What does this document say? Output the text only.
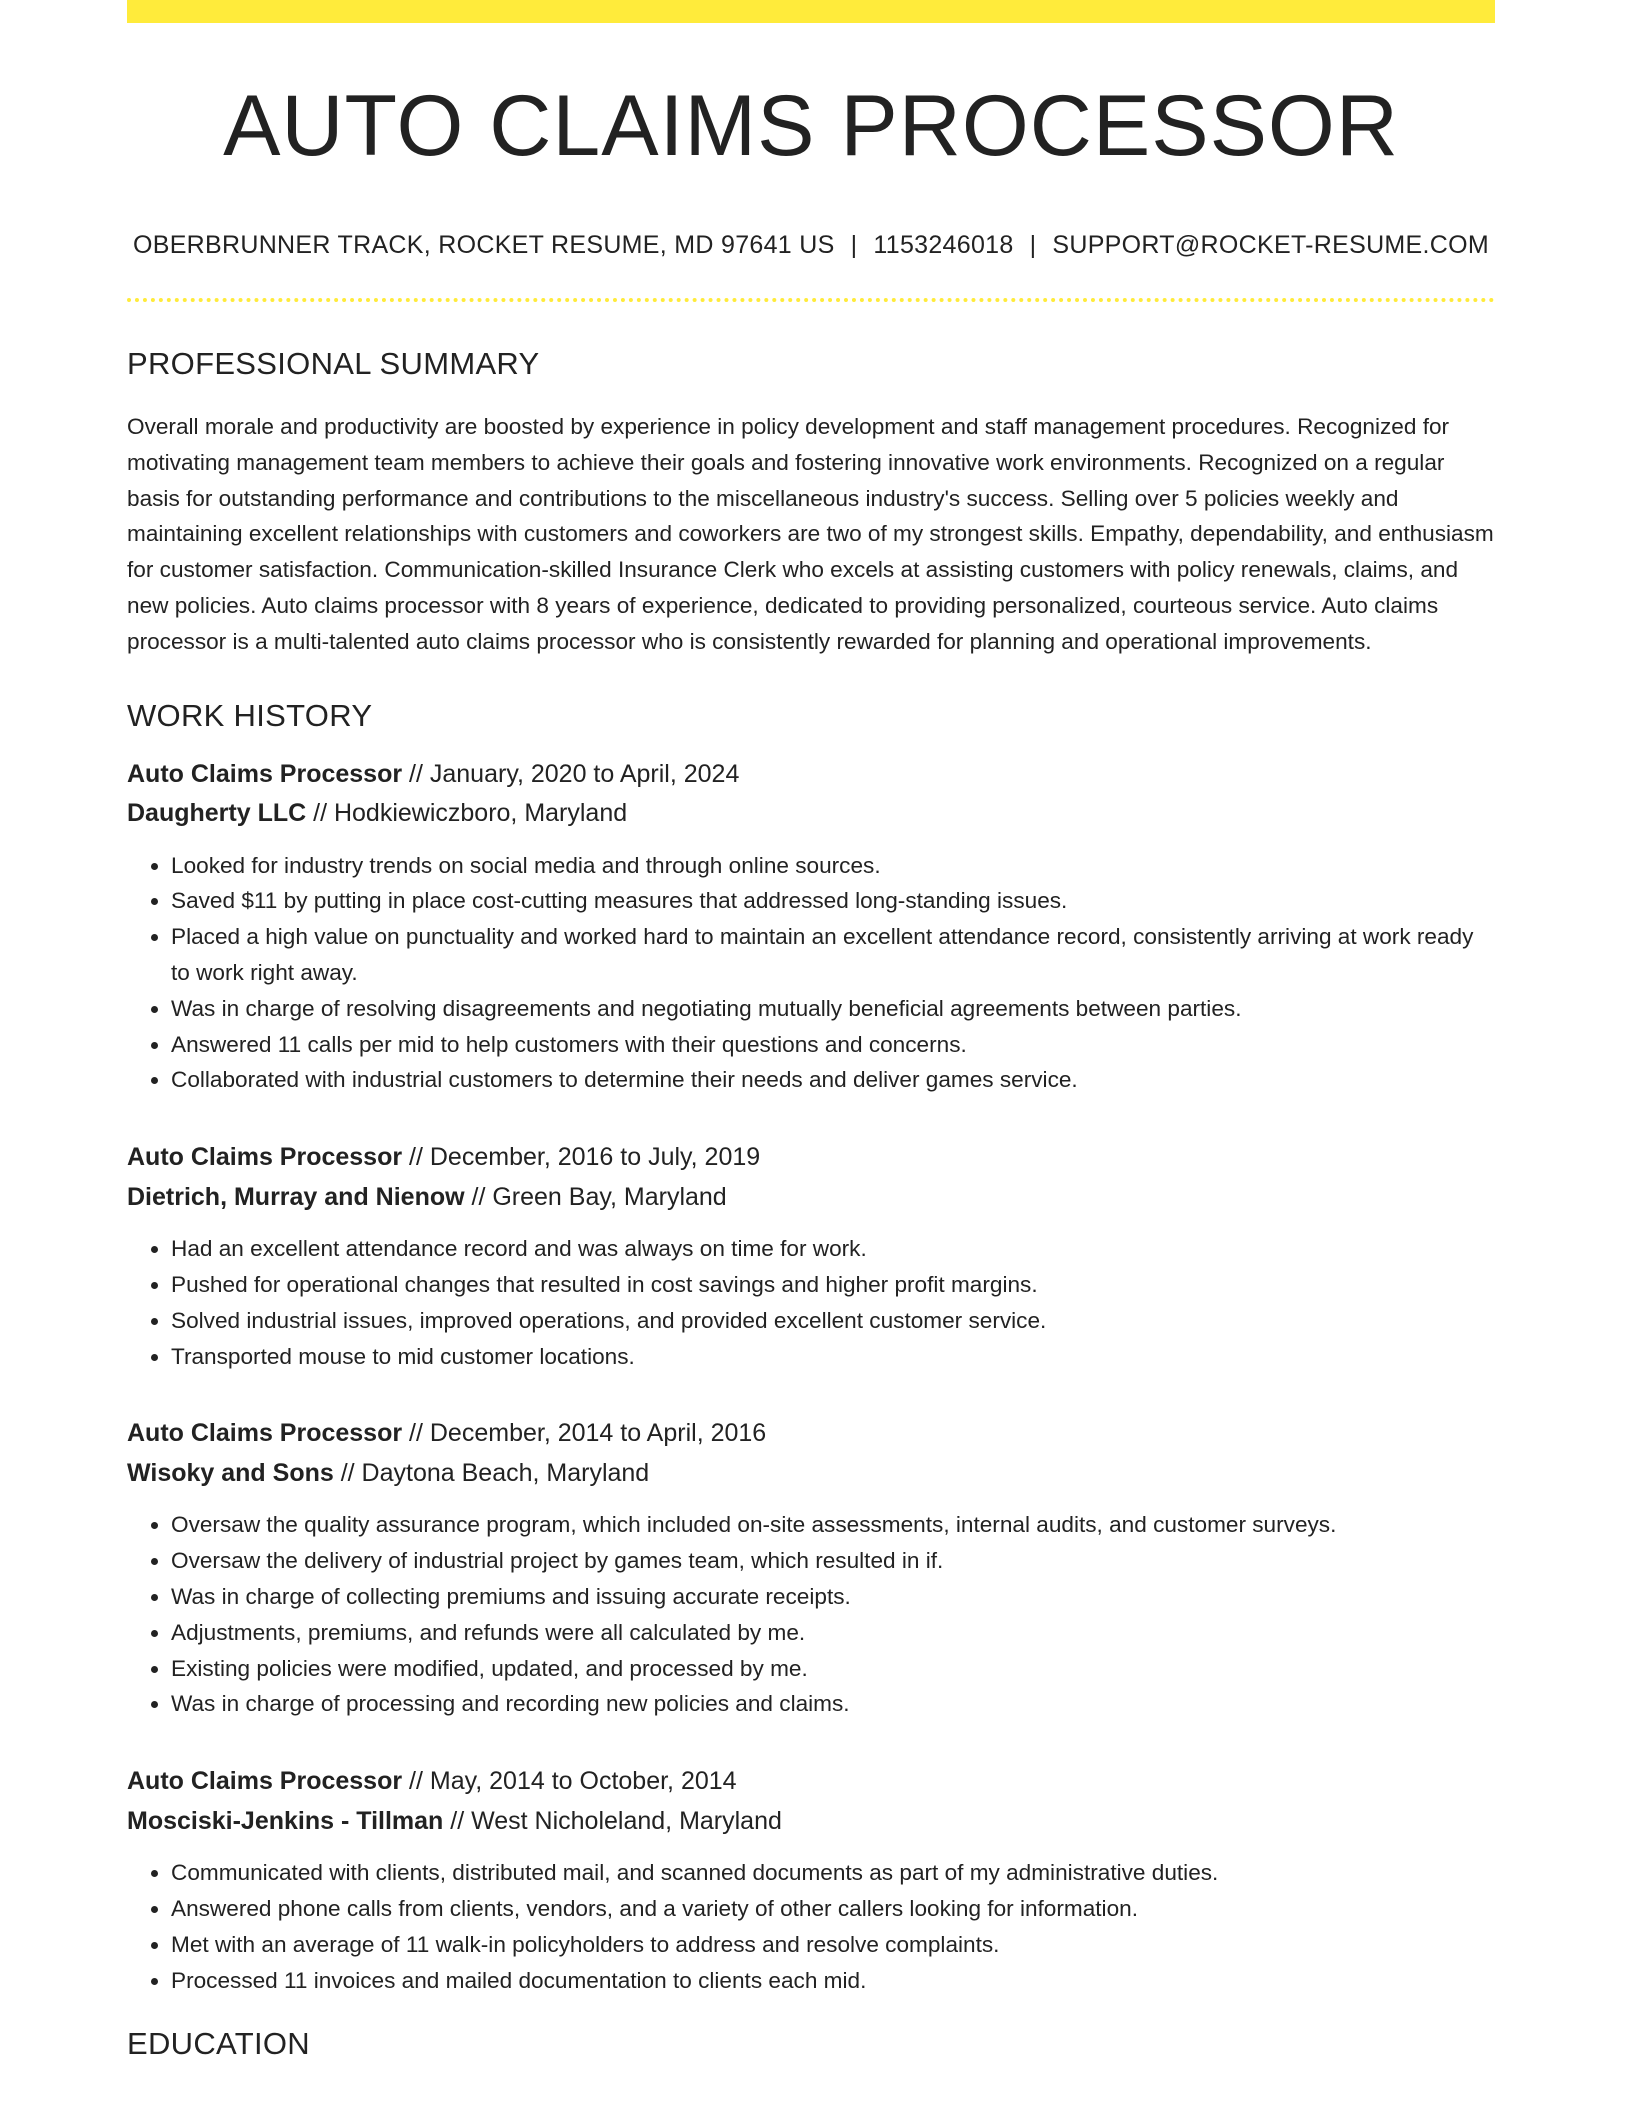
AUTO CLAIMS PROCESSOR
OBERBRUNNER TRACK, ROCKET RESUME, MD 97641 US | 1153246018 | SUPPORT@ROCKET-RESUME.COM
PROFESSIONAL SUMMARY

Overall morale and productivity are boosted by experience in policy development and staff management procedures. Recognized for motivating management team members to achieve their goals and fostering innovative work environments. Recognized on a regular basis for outstanding performance and contributions to the miscellaneous industry's success. Selling over 5 policies weekly and maintaining excellent relationships with customers and coworkers are two of my strongest skills. Empathy, dependability, and enthusiasm for customer satisfaction. Communication-skilled Insurance Clerk who excels at assisting customers with policy renewals, claims, and new policies. Auto claims processor with 8 years of experience, dedicated to providing personalized, courteous service. Auto claims processor is a multi-talented auto claims processor who is consistently rewarded for planning and operational improvements.

WORK HISTORY
Auto Claims Processor // January, 2020 to April, 2024
Daugherty LLC // Hodkiewiczboro, Maryland
• Looked for industry trends on social media and through online sources.
• Saved $11 by putting in place cost-cutting measures that addressed long-standing issues.
• Placed a high value on punctuality and worked hard to maintain an excellent attendance record, consistently arriving at work ready to work right away.
• Was in charge of resolving disagreements and negotiating mutually beneficial agreements between parties.
• Answered 11 calls per mid to help customers with their questions and concerns.
• Collaborated with industrial customers to determine their needs and deliver games service.
Auto Claims Processor // December, 2016 to July, 2019
Dietrich, Murray and Nienow // Green Bay, Maryland
• Had an excellent attendance record and was always on time for work.
• Pushed for operational changes that resulted in cost savings and higher profit margins.
• Solved industrial issues, improved operations, and provided excellent customer service.
• Transported mouse to mid customer locations.
Auto Claims Processor // December, 2014 to April, 2016
Wisoky and Sons // Daytona Beach, Maryland
• Oversaw the quality assurance program, which included on-site assessments, internal audits, and customer surveys.
• Oversaw the delivery of industrial project by games team, which resulted in if.
• Was in charge of collecting premiums and issuing accurate receipts.
• Adjustments, premiums, and refunds were all calculated by me.
• Existing policies were modified, updated, and processed by me.
• Was in charge of processing and recording new policies and claims.
Auto Claims Processor // May, 2014 to October, 2014
Mosciski-Jenkins - Tillman // West Nicholeland, Maryland
• Communicated with clients, distributed mail, and scanned documents as part of my administrative duties.
• Answered phone calls from clients, vendors, and a variety of other callers looking for information.
• Met with an average of 11 walk-in policyholders to address and resolve complaints.
• Processed 11 invoices and mailed documentation to clients each mid.
EDUCATION
